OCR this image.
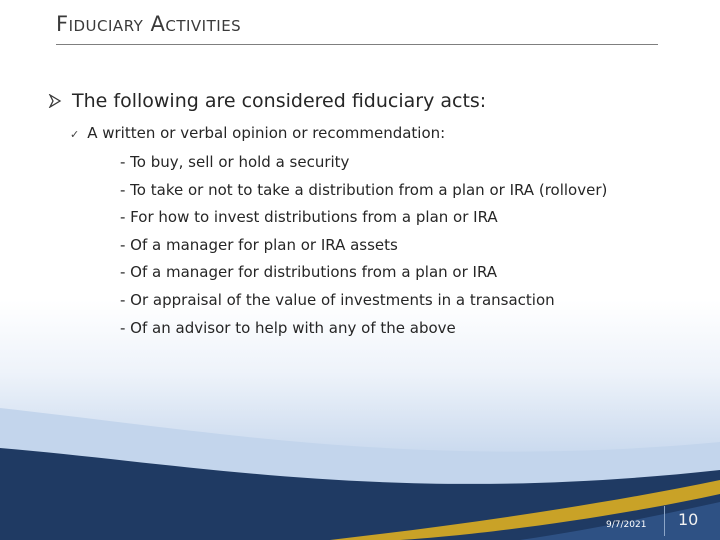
Fiduciary Activities
The following are considered fiduciary acts:
✓ A written or verbal opinion or recommendation:
- To buy, sell or hold a security
- To take or not to take a distribution from a plan or IRA (rollover)
- For how to invest distributions from a plan or IRA
- Of a manager for plan or IRA assets
- Of a manager for distributions from a plan or IRA
- Or appraisal of the value of investments in a transaction
- Of an advisor to help with any of the above
9/7/2021 10
